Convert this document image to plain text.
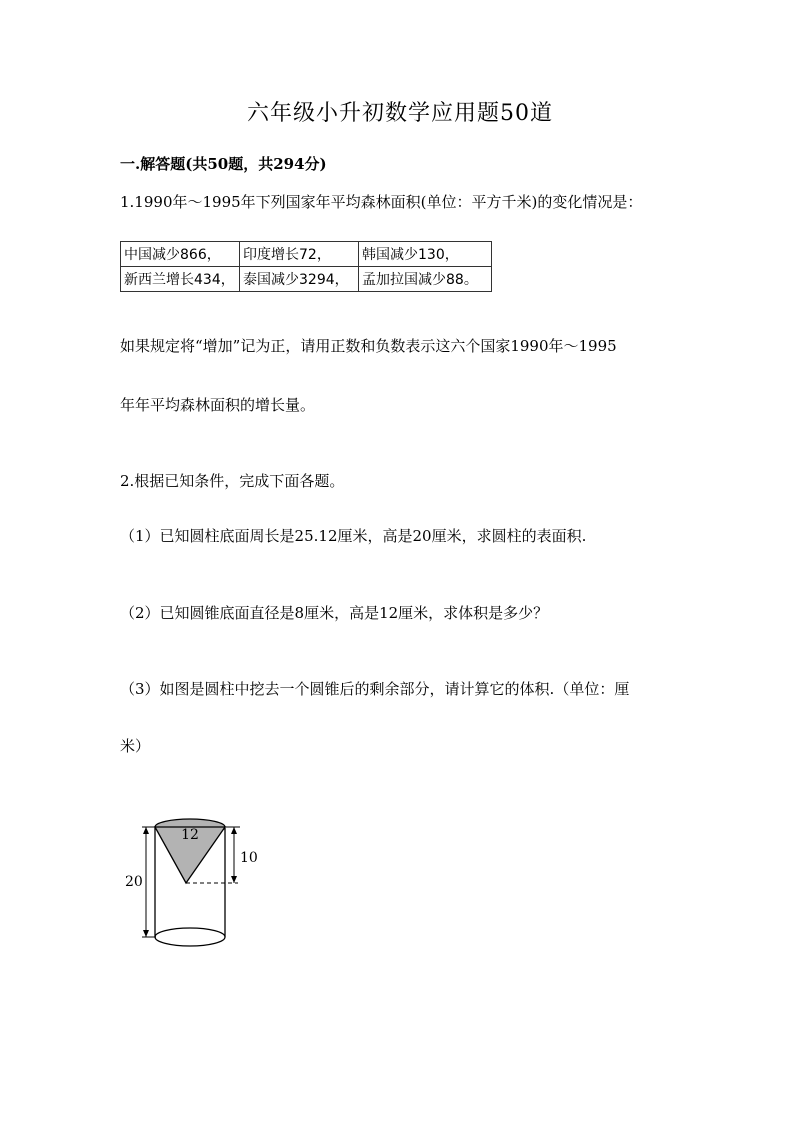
六年级小升初数学应用题50道
一.解答题(共50题，共294分)
1.1990年～1995年下列国家年平均森林面积(单位：平方千米)的变化情况是：
中国减少866，	印度增长72，	韩国减少130，
新西兰增长434，	泰国减少3294，	孟加拉国减少88。
如果规定将“增加”记为正，请用正数和负数表示这六个国家1990年～1995
年年平均森林面积的增长量。
2.根据已知条件，完成下面各题。
（1）已知圆柱底面周长是25.12厘米，高是20厘米，求圆柱的表面积.
（2）已知圆锥底面直径是8厘米，高是12厘米，求体积是多少？
（3）如图是圆柱中挖去一个圆锥后的剩余部分，请计算它的体积.（单位：厘
米）
12
10
20
